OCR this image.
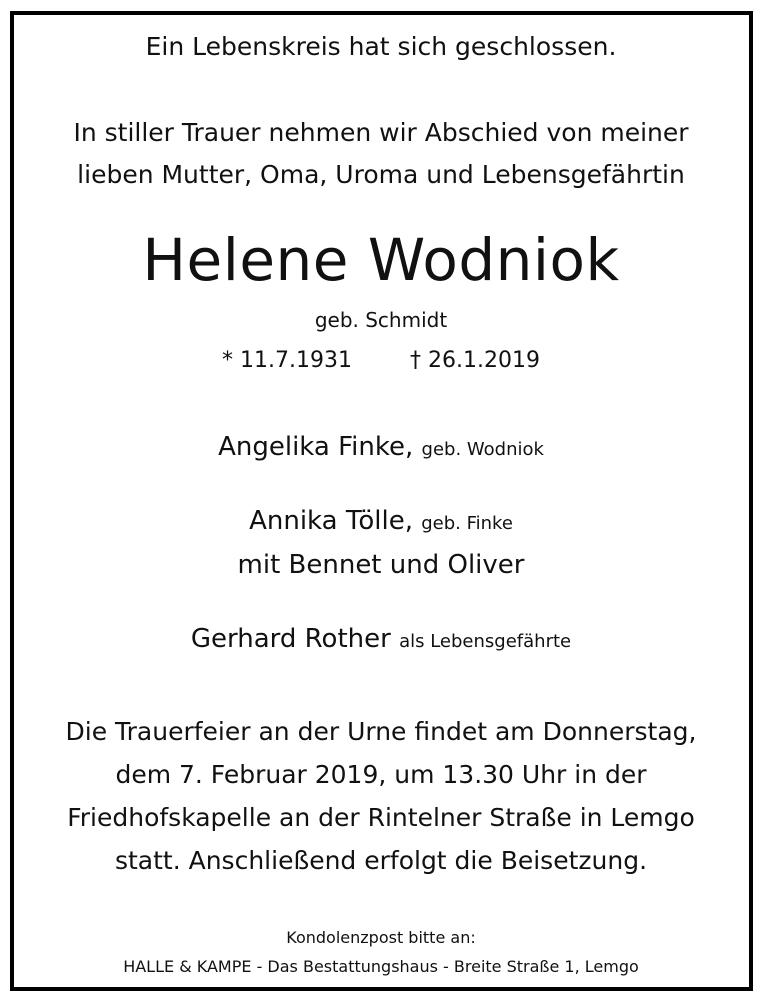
Ein Lebenskreis hat sich geschlossen.
In stiller Trauer nehmen wir Abschied von meiner
lieben Mutter, Oma, Uroma und Lebensgefährtin
Helene Wodniok
geb. Schmidt
* 11.7.1931	† 26.1.2019
Angelika Finke, geb. Wodniok
Annika Tölle, geb. Finke
mit Bennet und Oliver
Gerhard Rother als Lebensgefährte
Die Trauerfeier an der Urne findet am Donnerstag,
dem 7. Februar 2019, um 13.30 Uhr in der
Friedhofskapelle an der Rintelner Straße in Lemgo
statt. Anschließend erfolgt die Beisetzung.
Kondolenzpost bitte an:
HALLE & KAMPE - Das Bestattungshaus - Breite Straße 1, Lemgo
